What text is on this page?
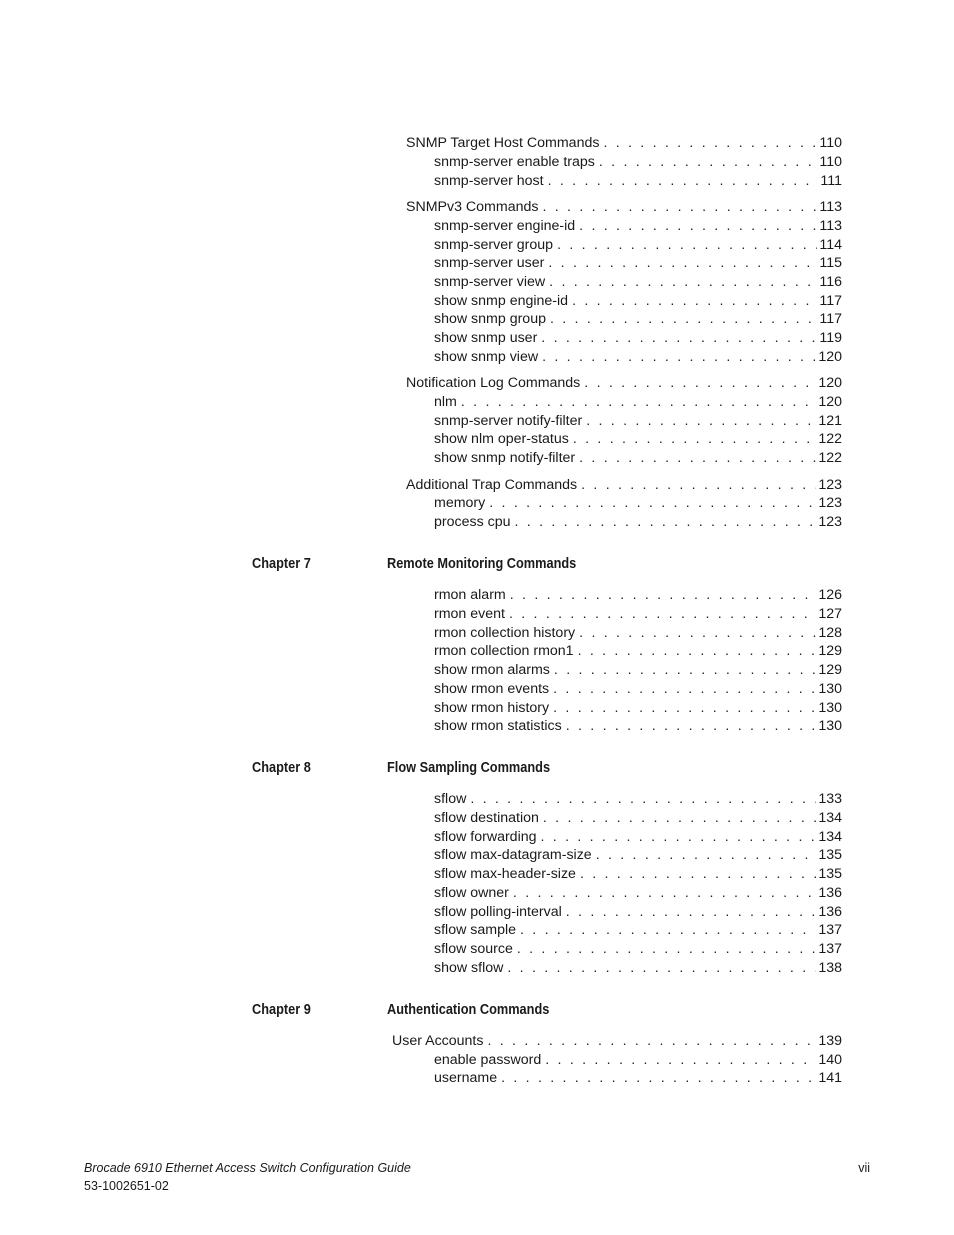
SNMP Target Host Commands . . .	110
snmp-server enable traps . . .	110
snmp-server host . . .	111
SNMPv3 Commands . . .	113
snmp-server engine-id . . .	113
snmp-server group . . .	114
snmp-server user . . .	115
snmp-server view . . .	116
show snmp engine-id . . .	117
show snmp group . . .	117
show snmp user . . .	119
show snmp view . . .	120
Notification Log Commands . . .	120
nlm . . .	120
snmp-server notify-filter . . .	121
show nlm oper-status . . .	122
show snmp notify-filter . . .	122
Additional Trap Commands . . .	123
memory . . .	123
process cpu . . .	123
Chapter 7	Remote Monitoring Commands
rmon alarm . . .	126
rmon event . . .	127
rmon collection history . . .	128
rmon collection rmon1 . . .	129
show rmon alarms . . .	129
show rmon events . . .	130
show rmon history . . .	130
show rmon statistics . . .	130
Chapter 8	Flow Sampling Commands
sflow . . .	133
sflow destination . . .	134
sflow forwarding . . .	134
sflow max-datagram-size . . .	135
sflow max-header-size . . .	135
sflow owner . . .	136
sflow polling-interval . . .	136
sflow sample . . .	137
sflow source . . .	137
show sflow . . .	138
Chapter 9	Authentication Commands
User Accounts . . .	139
enable password . . .	140
username . . .	141
Brocade 6910 Ethernet Access Switch Configuration Guide
53-1002651-02
vii
